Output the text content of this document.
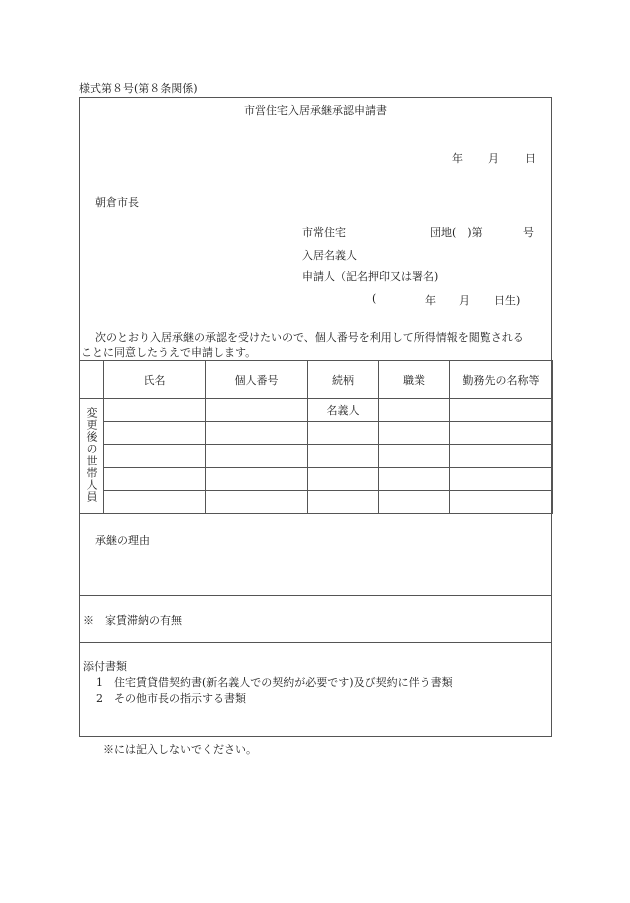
様式第８号(第８条関係)
市営住宅入居承継承認申請書
年 月 日
朝倉市長
市常住宅	団地(　)第	号
入居名義人
申請人（記名押印又は署名)
(	年 月 日生)
次のとおり入居承継の承認を受けたいので、個人番号を利用して所得情報を閲覧される
ことに同意したうえで申請します。
	氏名	個人番号	続柄	職業	勤務先の名称等
変更後の世帯人員			名義人		

承継の理由
※　家賃滞納の有無
添付書類
1　住宅賃貸借契約書(新名義人での契約が必要です)及び契約に伴う書類
2　その他市長の指示する書類
※には記入しないでください。
